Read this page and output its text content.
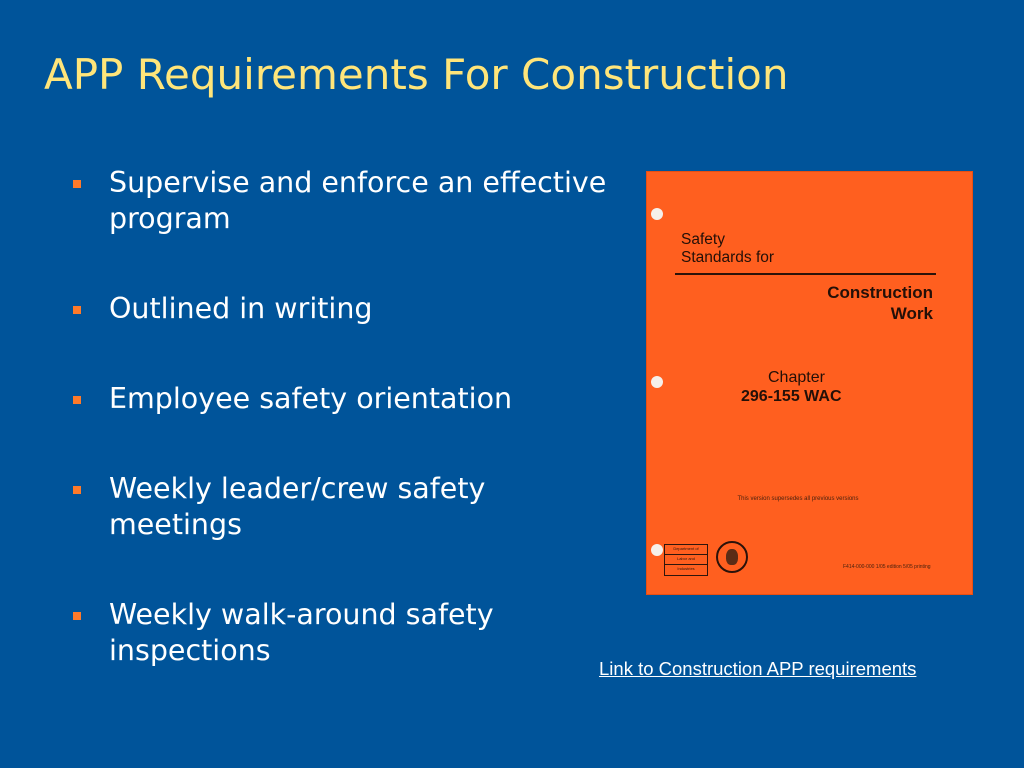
APP Requirements For Construction
Supervise and enforce an effective program
Outlined in writing
Employee safety orientation
Weekly leader/crew safety meetings
Weekly walk-around safety inspections
Safety
Standards for
Construction
Work
Chapter
296-155 WAC
This version supersedes all previous versions
Department of
Labor and
Industries	F414-000-000 1/05 edition 5/05 printing
Link to Construction APP requirements
